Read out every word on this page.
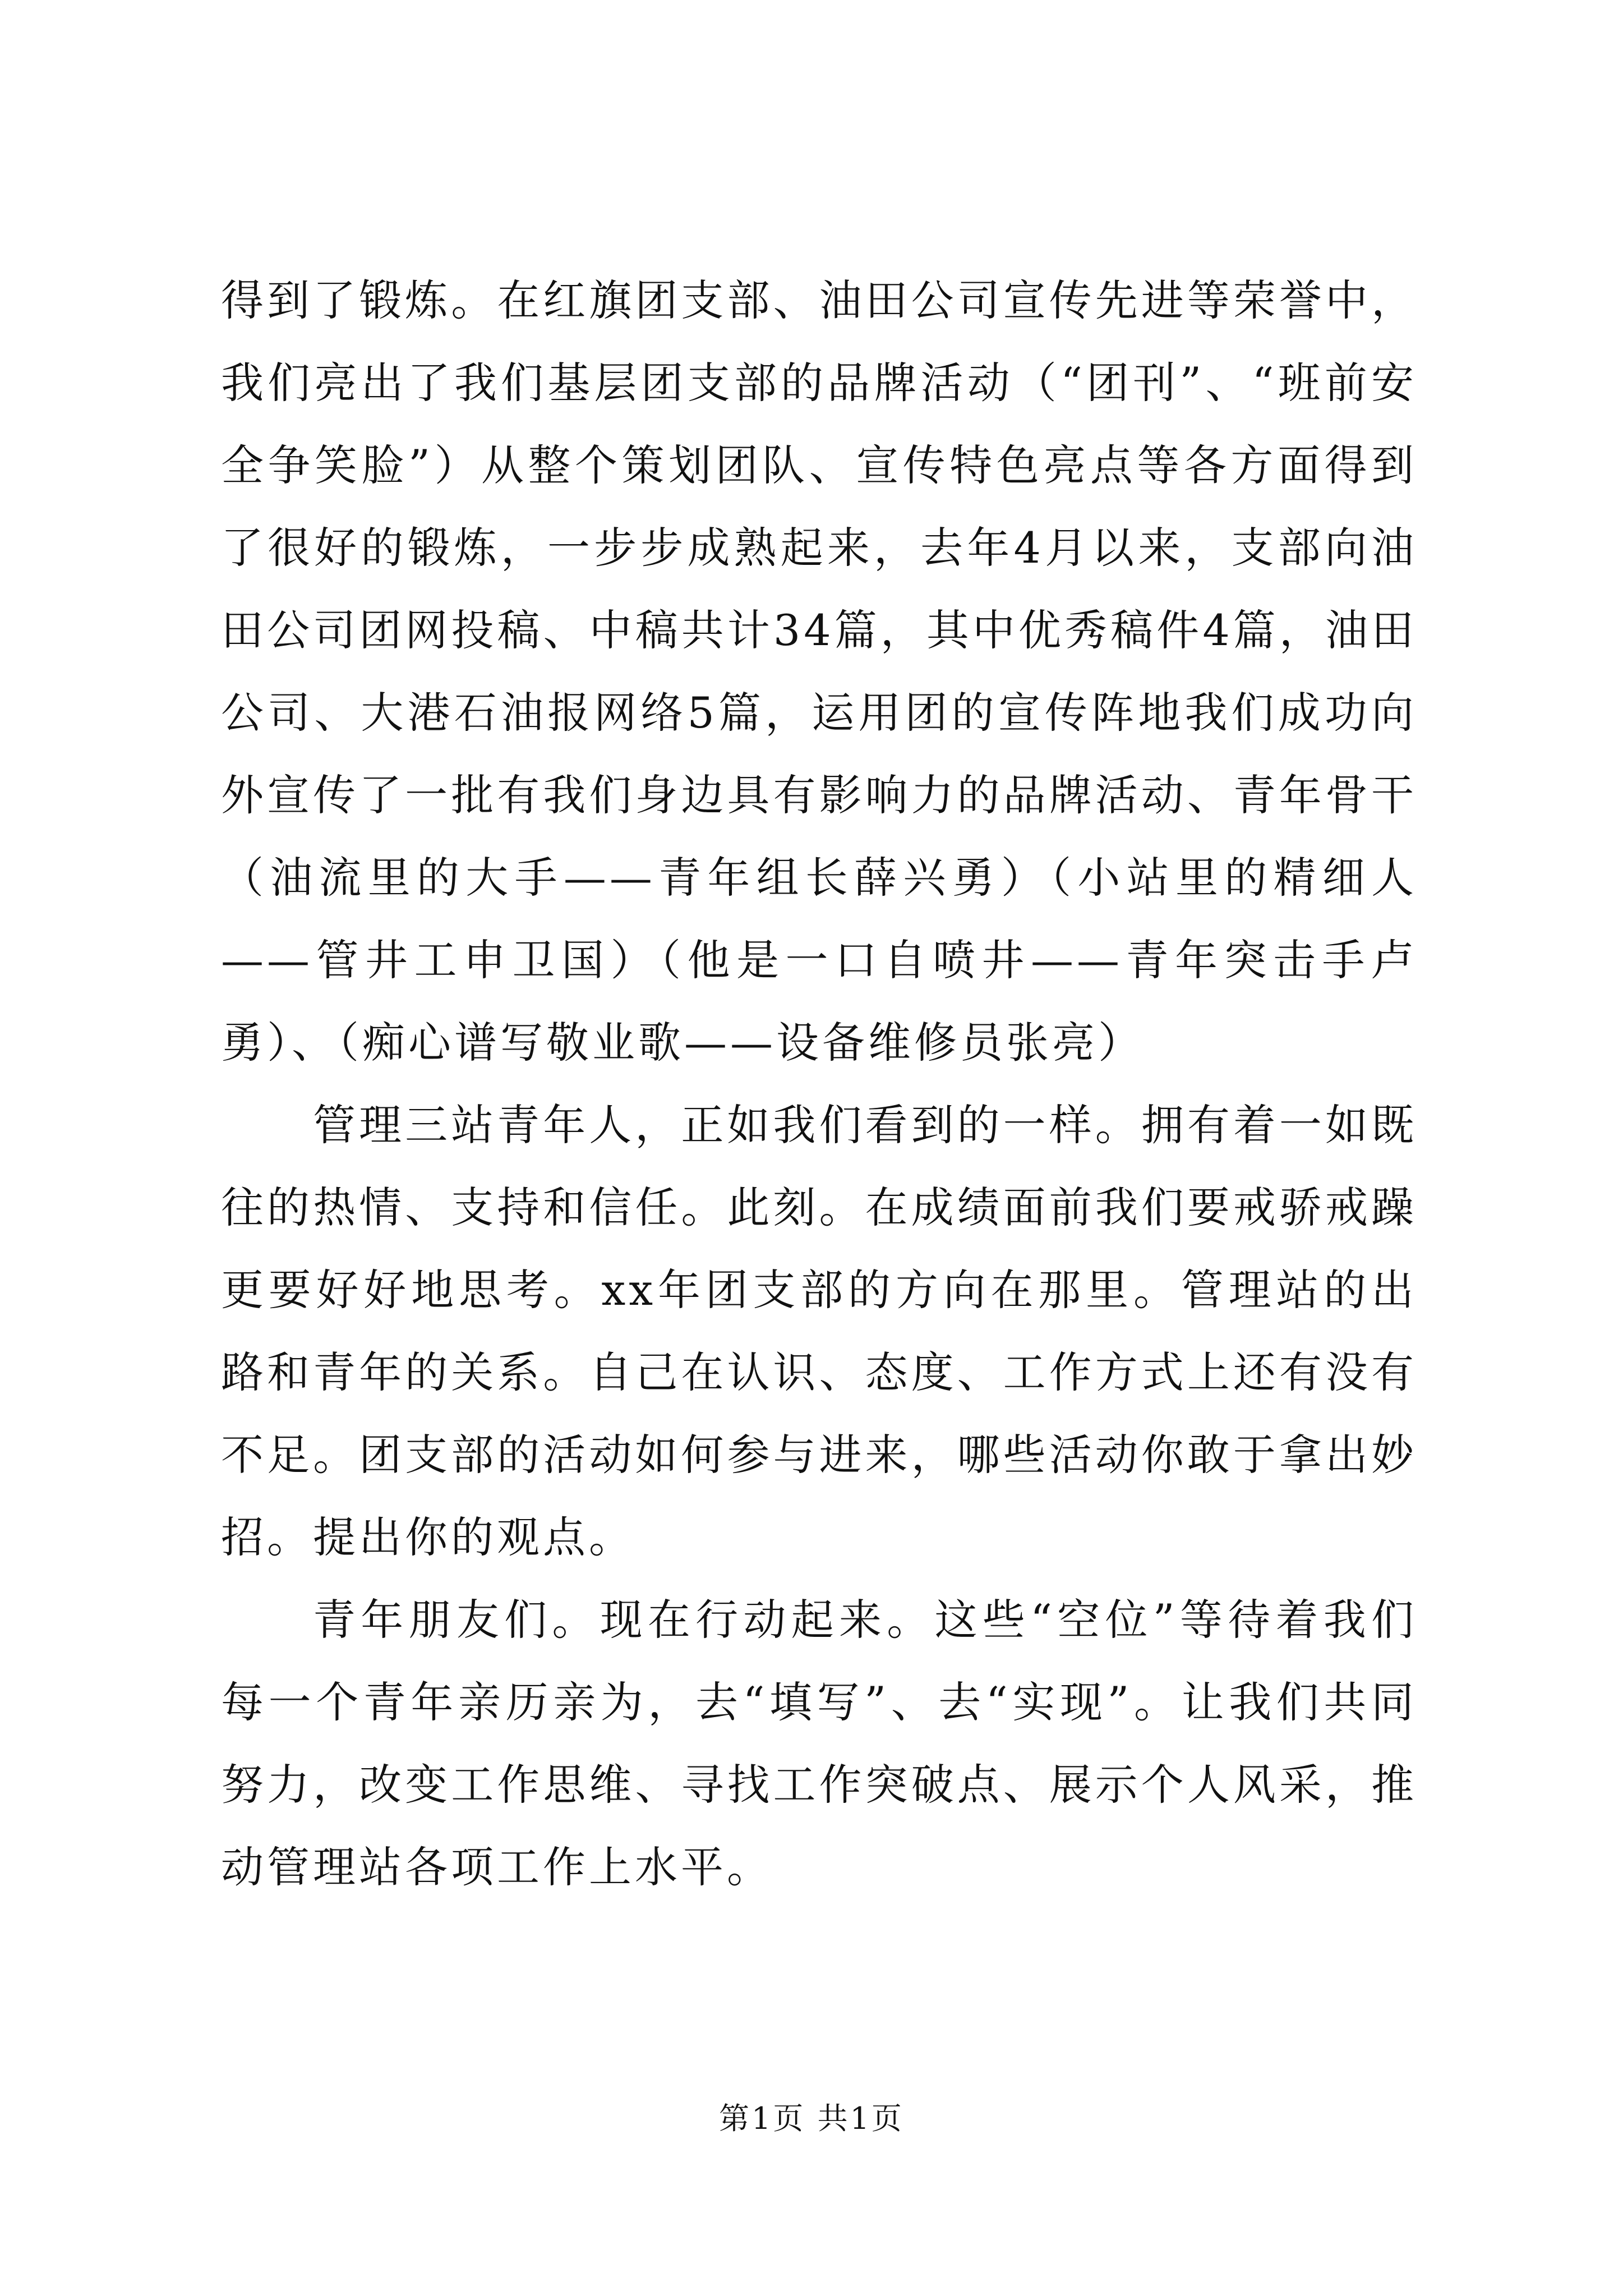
得到了锻炼。在红旗团支部、油田公司宣传先进等荣誉中，我们亮出了我们基层团支部的品牌活动（“团刊”、“班前安全争笑脸”）从整个策划团队、宣传特色亮点等各方面得到了很好的锻炼，一步步成熟起来，去年4月以来，支部向油田公司团网投稿、中稿共计34篇，其中优秀稿件4篇，油田公司、大港石油报网络5篇，运用团的宣传阵地我们成功向外宣传了一批有我们身边具有影响力的品牌活动、青年骨干（油流里的大手——青年组长薛兴勇）（小站里的精细人——管井工申卫国）（他是一口自喷井——青年突击手卢勇）、（痴心谱写敬业歌——设备维修员张亮）

管理三站青年人，正如我们看到的一样。拥有着一如既往的热情、支持和信任。此刻。在成绩面前我们要戒骄戒躁更要好好地思考。xx年团支部的方向在那里。管理站的出路和青年的关系。自己在认识、态度、工作方式上还有没有不足。团支部的活动如何参与进来，哪些活动你敢于拿出妙招。提出你的观点。

青年朋友们。现在行动起来。这些“空位”等待着我们每一个青年亲历亲为，去“填写”、去“实现”。让我们共同努力，改变工作思维、寻找工作突破点、展示个人风采，推动管理站各项工作上水平。

第1页 共1页
